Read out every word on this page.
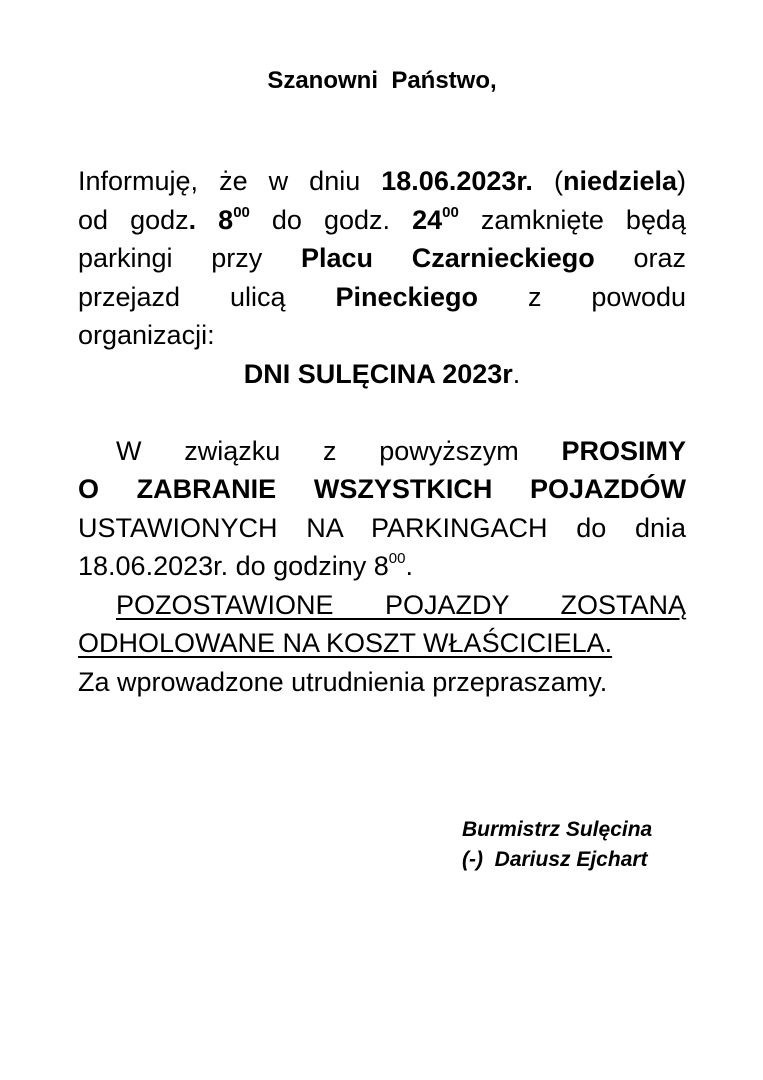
Szanowni  Państwo,

Informuję, że w dniu 18.06.2023r. (niedziela)
od godz. $8^{00}$ do godz. $24^{00}$ zamknięte będą
parkingi przy Placu Czarnieckiego oraz
przejazd ulicą Pineckiego z powodu
organizacji:
DNI SULĘCINA 2023r.

W związku z powyższym PROSIMY
O ZABRANIE WSZYSTKICH POJAZDÓW
USTAWIONYCH NA PARKINGACH do dnia
18.06.2023r. do godziny $8^{00}$.

POZOSTAWIONE POJAZDY ZOSTANĄ
ODHOLOWANE NA KOSZT WŁAŚCICIELA.

Za wprowadzone utrudnienia przepraszamy.

Burmistrz Sulęcina
(-)  Dariusz Ejchart
